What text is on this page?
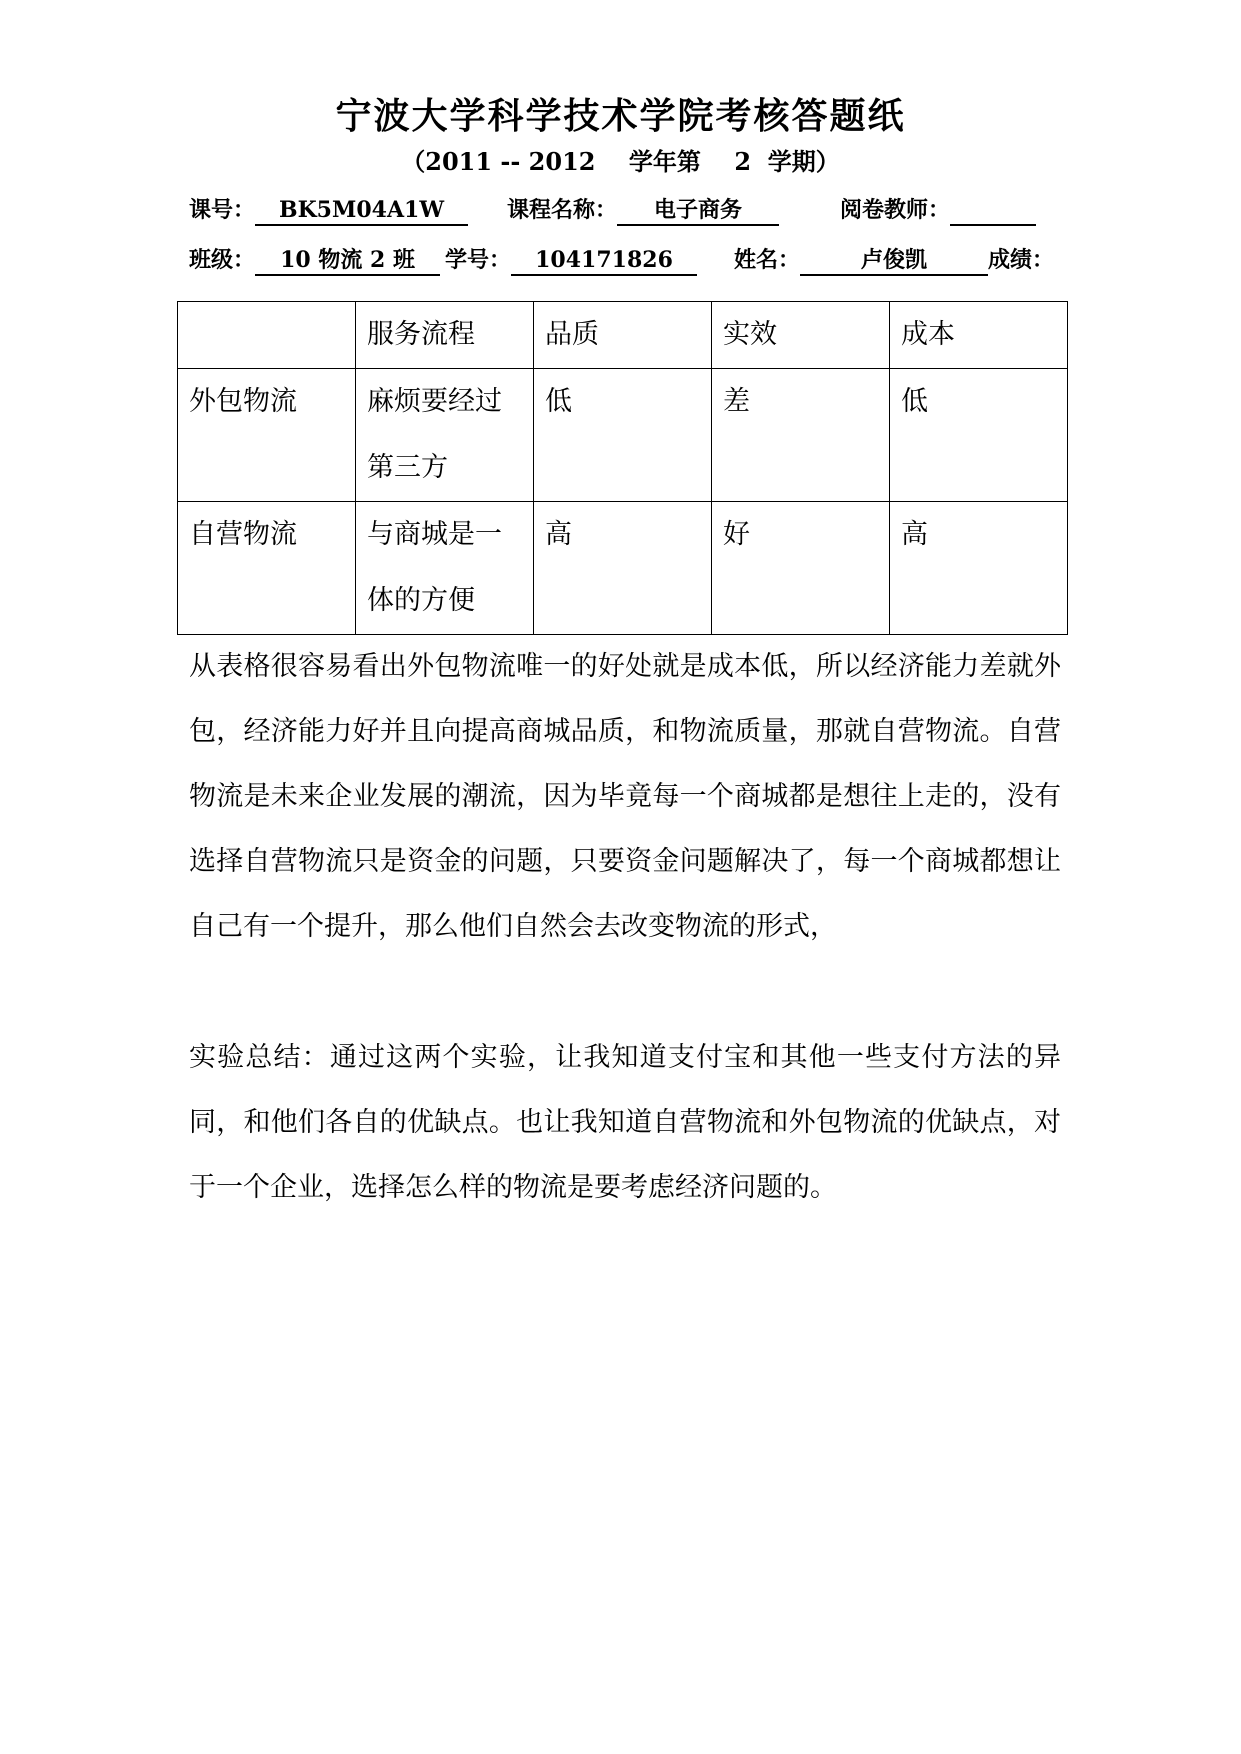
宁波大学科学技术学院考核答题纸
（2011 -- 2012    学年第    2  学期）
课号： BK5M04A1W	课程名称： 电子商务	阅卷教师：
班级： 10 物流 2 班	学号： 104171826	姓名：	卢俊凯	成绩：
	服务流程	品质	实效	成本
外包物流	麻烦要经过第三方	低	差	低
自营物流	与商城是一体的方便	高	好	高
从表格很容易看出外包物流唯一的好处就是成本低，所以经济能力差就外包，经济能力好并且向提高商城品质，和物流质量，那就自营物流。自营物流是未来企业发展的潮流，因为毕竟每一个商城都是想往上走的，没有选择自营物流只是资金的问题，只要资金问题解决了，每一个商城都想让自己有一个提升，那么他们自然会去改变物流的形式，
实验总结：通过这两个实验，让我知道支付宝和其他一些支付方法的异同，和他们各自的优缺点。也让我知道自营物流和外包物流的优缺点，对于一个企业，选择怎么样的物流是要考虑经济问题的。
